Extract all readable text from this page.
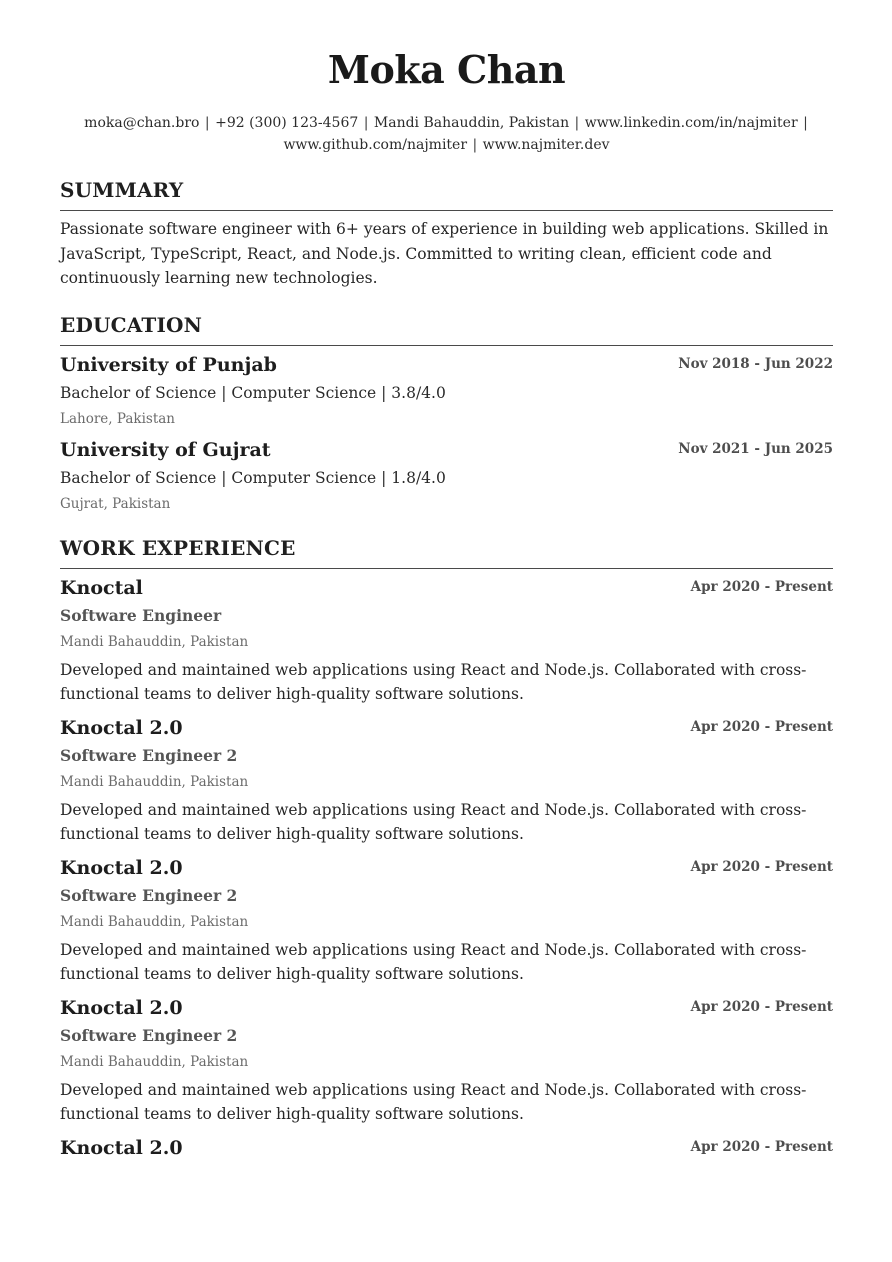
Moka Chan
moka@chan.bro | +92 (300) 123-4567 | Mandi Bahauddin, Pakistan | www.linkedin.com/in/najmiter | www.github.com/najmiter | www.najmiter.dev
SUMMARY
Passionate software engineer with 6+ years of experience in building web applications. Skilled in JavaScript, TypeScript, React, and Node.js. Committed to writing clean, efficient code and continuously learning new technologies.
EDUCATION
University of Punjab	Nov 2018 - Jun 2022
Bachelor of Science | Computer Science | 3.8/4.0
Lahore, Pakistan
University of Gujrat	Nov 2021 - Jun 2025
Bachelor of Science | Computer Science | 1.8/4.0
Gujrat, Pakistan
WORK EXPERIENCE
Knoctal	Apr 2020 - Present
Software Engineer
Mandi Bahauddin, Pakistan
Developed and maintained web applications using React and Node.js. Collaborated with cross-functional teams to deliver high-quality software solutions.
Knoctal 2.0	Apr 2020 - Present
Software Engineer 2
Mandi Bahauddin, Pakistan
Developed and maintained web applications using React and Node.js. Collaborated with cross-functional teams to deliver high-quality software solutions.
Knoctal 2.0	Apr 2020 - Present
Software Engineer 2
Mandi Bahauddin, Pakistan
Developed and maintained web applications using React and Node.js. Collaborated with cross-functional teams to deliver high-quality software solutions.
Knoctal 2.0	Apr 2020 - Present
Software Engineer 2
Mandi Bahauddin, Pakistan
Developed and maintained web applications using React and Node.js. Collaborated with cross-functional teams to deliver high-quality software solutions.
Knoctal 2.0	Apr 2020 - Present
